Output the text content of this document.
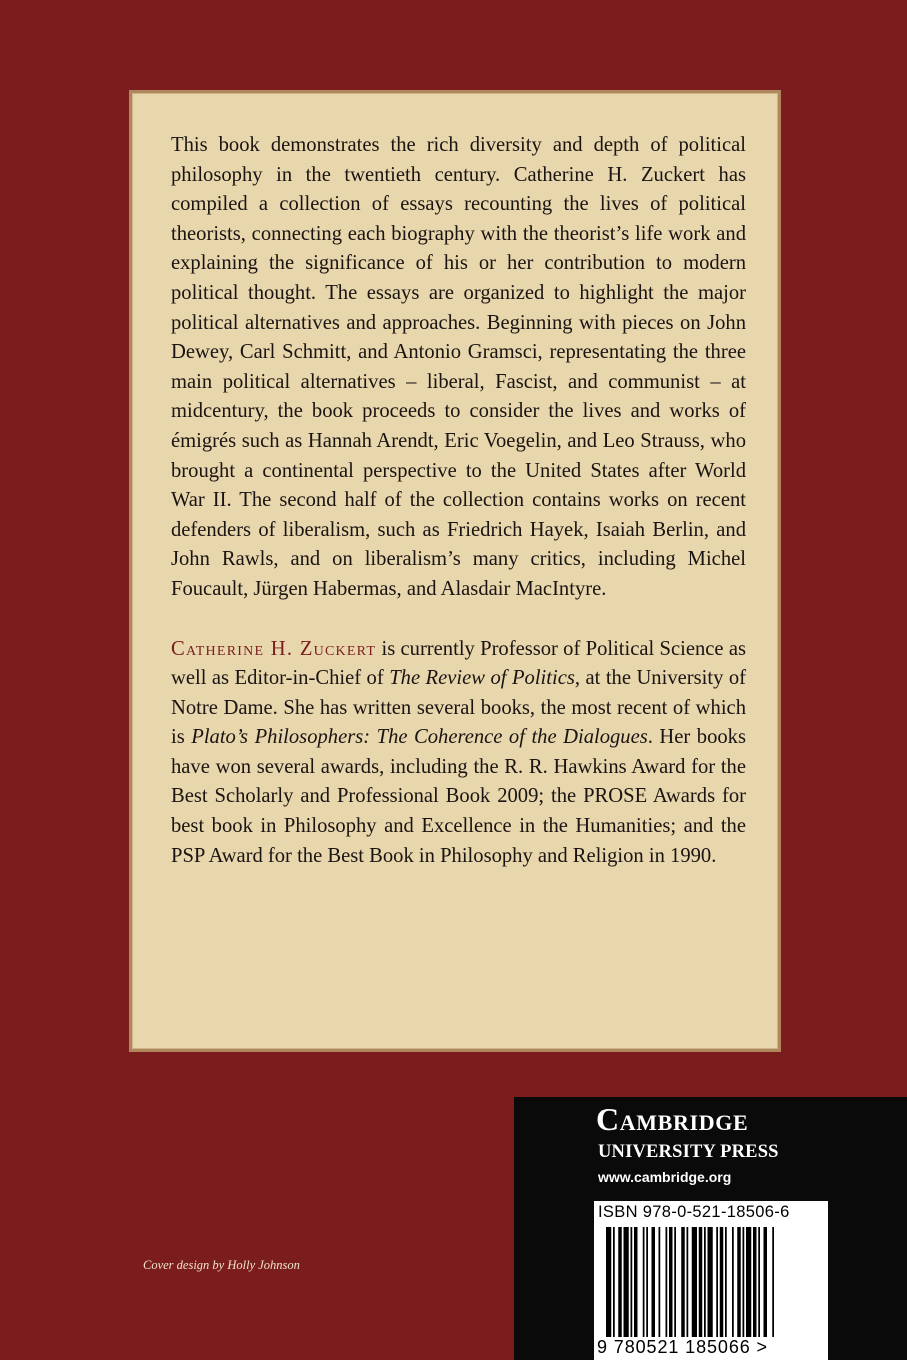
This book demonstrates the rich diversity and depth of political philosophy in the twentieth century. Catherine H. Zuckert has compiled a collection of essays recounting the lives of political theorists, connecting each biography with the theorist’s life work and explaining the significance of his or her contribution to modern political thought. The essays are organized to highlight the major political alternatives and approaches. Beginning with pieces on John Dewey, Carl Schmitt, and Antonio Gramsci, representating the three main political alternatives – liberal, Fascist, and communist – at midcentury, the book proceeds to consider the lives and works of émigrés such as Hannah Arendt, Eric Voegelin, and Leo Strauss, who brought a continental perspective to the United States after World War II. The second half of the collection contains works on recent defenders of liberalism, such as Friedrich Hayek, Isaiah Berlin, and John Rawls, and on liberalism’s many critics, including Michel Foucault, Jürgen Habermas, and Alasdair MacIntyre.

Catherine H. Zuckert is currently Professor of Political Science as well as Editor-in-Chief of The Review of Politics, at the University of Notre Dame. She has written several books, the most recent of which is Plato’s Philosophers: The Coherence of the Dialogues. Her books have won several awards, including the R. R. Hawkins Award for the Best Scholarly and Professional Book 2009; the PROSE Awards for best book in Philosophy and Excellence in the Humanities; and the PSP Award for the Best Book in Philosophy and Religion in 1990.

Cover design by Holly Johnson
Cambridge
UNIVERSITY PRESS
www.cambridge.org
ISBN 978-0-521-18506-6
9 780521 185066 >
